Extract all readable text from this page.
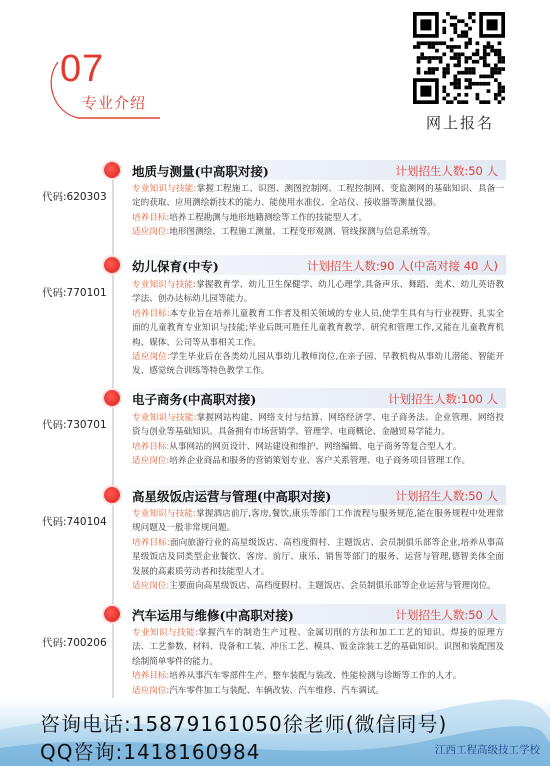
07
专业介绍
网上报名
地质与测量(中高职对接)	计划招生人数:50 人
代码:620303

专业知识与技能:掌握工程施工、识图、测图控制网、工程控制网、变监测网的基础知识、具备一定的获取、应用测绘新技术的能力、能使用水准仪、全站仪、接收器等测量仪器。

培养目标:培养工程勘测与地形地籍测绘等工作的技能型人才。

适应岗位:地形图测绘、工程施工测量、工程变形观测、管线探测与信息系统等。

幼儿保育(中专)	计划招生人数:90 人(中高对接 40 人)
代码:770101

专业知识与技能:掌握教育学、幼儿卫生保健学、幼儿心理学,具备声乐、舞蹈、美术、幼儿英语教学法、创办达标幼儿园等能力。

培养目标:本专业旨在培养儿童教育工作者及相关领域的专业人员,使学生具有与行业视野、扎实全面的儿童教育专业知识与技能;毕业后既可胜任儿童教育教学、研究和管理工作,又能在儿童教育机构、媒体、公司等从事相关工作。

适应岗位:学生毕业后在各类幼儿园从事幼儿教师岗位,在亲子园、早教机构从事幼儿潜能、智能开发、感觉统合训练等特色教学工作。

电子商务(中高职对接)	计划招生人数:100 人
代码:730701

专业知识与技能:掌握网站构建、网络支付与结算、网络经济学、电子商务法、企业管理、网络投资与创业等基础知识。具备拥有市场营销学、管理学、电商概论、金融贸易学能力。

培养目标:从事网站的网页设计、网站建设和维护、网络编辑、电子商务等复合型人才。

适应岗位:培养企业商品和服务的营销策划专业、客户关系管理、电子商务项目管理工作。

高星级饭店运营与管理(中高职对接)	计划招生人数:50 人
代码:740104

专业知识与技能:掌握酒店前厅,客房,餐饮,康乐等部门工作流程与服务规范,能在服务规程中处理常规问题及一般非常规问题。

培养目标:面向旅游行业的高星级饭店、高档度假村、主题饭店、会员制俱乐部等企业,培养从事高星级饭店及同类型企业餐饮、客房、前厅、康乐、销售等部门的服务、运营与管理,德智美体全面发展的高素质劳动者和技能型人才。

适应岗位:主要面向高星级饭店、高档度假村、主题饭店、会员制俱乐部等企业运营与管理岗位。

汽车运用与维修(中高职对接)	计划招生人数:50 人
代码:700206

专业知识与技能:掌握汽车的制造生产过程、金属切削的方法和加工工艺的知识、焊接的原理方法、工艺参数、材料、设备和工装、冲压工艺、模具、钣金涂装工艺的基础知识。识图和装配图及绘制简单零件的能力。

培养目标:培养从事汽车零部件生产、整车装配与装改、性能检测与诊断等工作的人才。

适应岗位:汽车零件加工与装配、车辆改装、汽车维修、汽车调试。

咨询电话:15879161050徐老师(微信同号)
QQ咨询:1418160984	江西工程高级技工学校
